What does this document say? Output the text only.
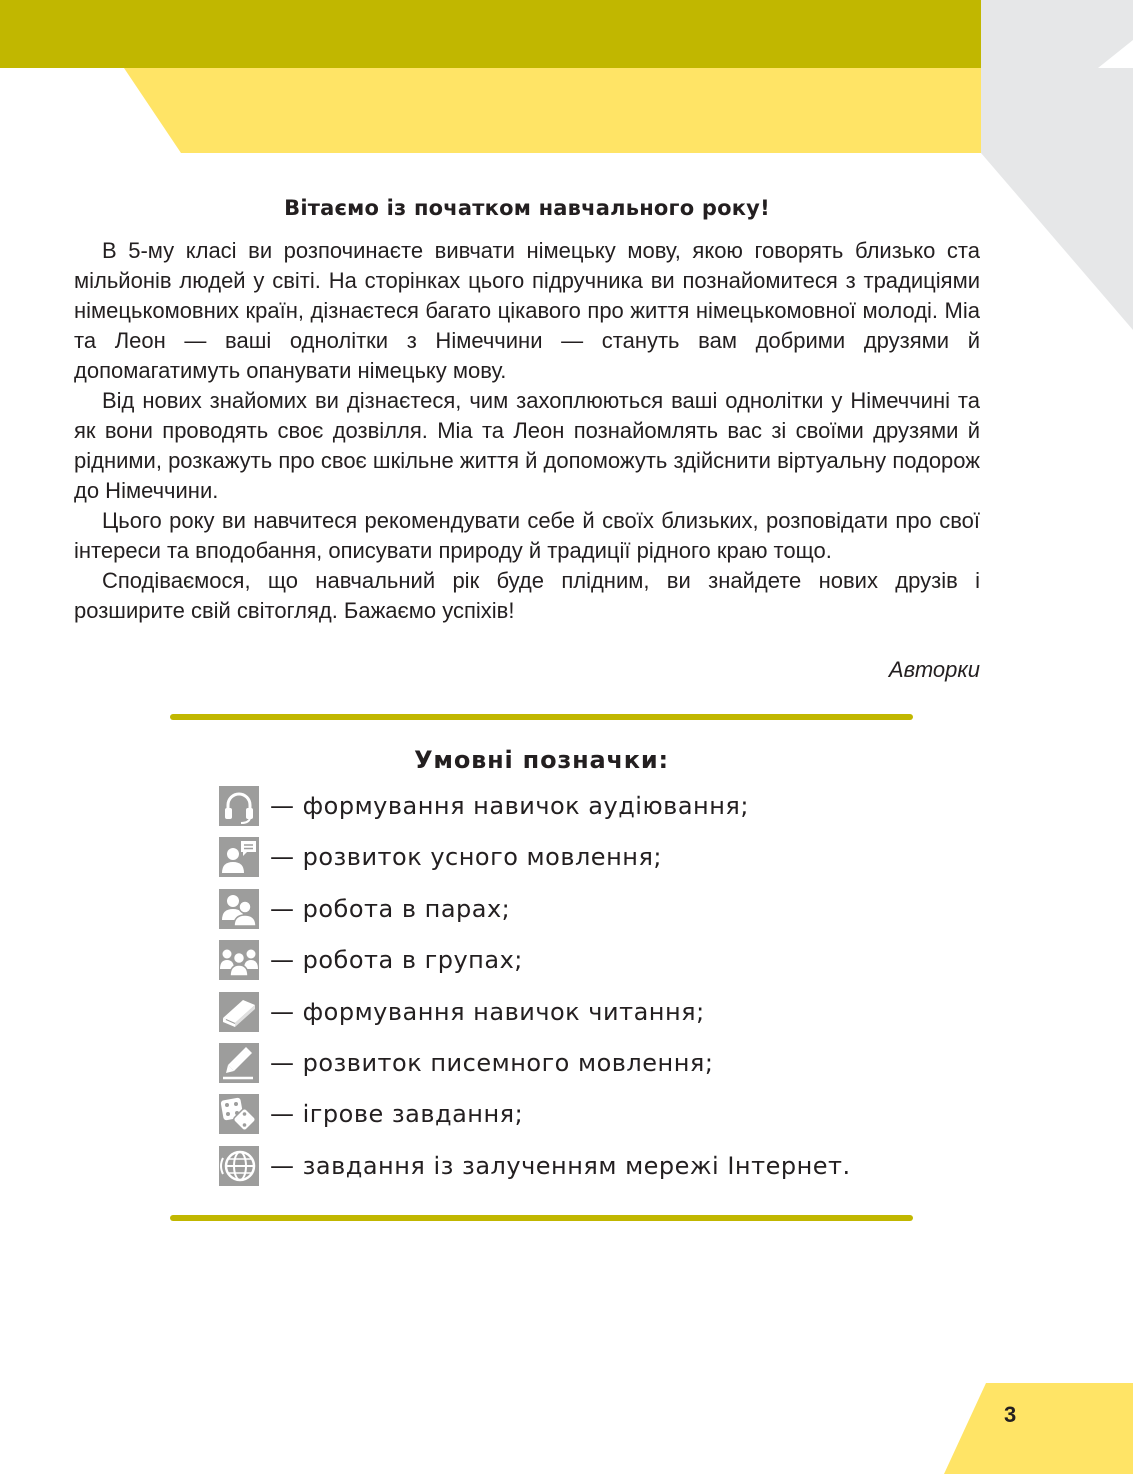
Вітаємо із початком навчального року!

В 5-му класі ви розпочинаєте вивчати німецьку мову, якою говорять близько ста мільйонів людей у світі. На сторінках цього підручника ви познайомитеся з традиціями німецькомовних країн, дізнаєтеся багато цікавого про життя німецькомовної молоді. Міа та Леон — ваші однолітки з Німеччини — стануть вам добрими друзями й допомагатимуть опанувати німецьку мову.

Від нових знайомих ви дізнаєтеся, чим захоплюються ваші однолітки у Німеччині та як вони проводять своє дозвілля. Міа та Леон познайомлять вас зі своїми друзями й рідними, розкажуть про своє шкільне життя й допоможуть здійснити віртуальну подорож до Німеччини.

Цього року ви навчитеся рекомендувати себе й своїх близьких, розповідати про свої інтереси та вподобання, описувати природу й традиції рідного краю тощо.

Сподіваємося, що навчальний рік буде плідним, ви знайдете нових друзів і розширите свій світогляд. Бажаємо успіхів!

Авторки
Умовні позначки:
— формування навичок аудіювання;
— розвиток усного мовлення;
— робота в парах;
— робота в групах;
— формування навичок читання;
— розвиток писемного мовлення;
— ігрове завдання;
— завдання із залученням мережі Інтернет.
3
